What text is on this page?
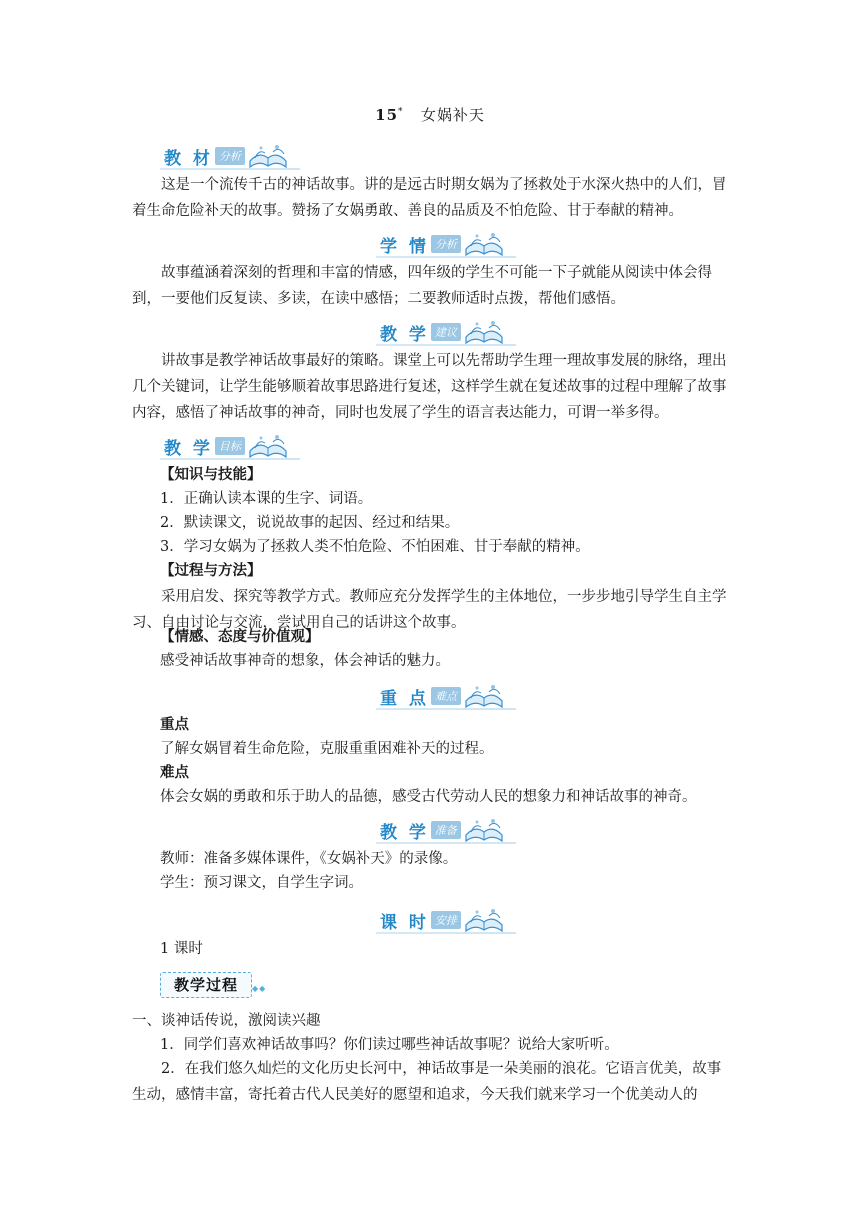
15* 女娲补天
教 材 分析

这是一个流传千古的神话故事。讲的是远古时期女娲为了拯救处于水深火热中的人们，冒着生命危险补天的故事。赞扬了女娲勇敢、善良的品质及不怕危险、甘于奉献的精神。

学 情 分析

故事蕴涵着深刻的哲理和丰富的情感，四年级的学生不可能一下子就能从阅读中体会得到，一要他们反复读、多读，在读中感悟；二要教师适时点拨，帮他们感悟。

教 学 建议

讲故事是教学神话故事最好的策略。课堂上可以先帮助学生理一理故事发展的脉络，理出几个关键词，让学生能够顺着故事思路进行复述，这样学生就在复述故事的过程中理解了故事内容，感悟了神话故事的神奇，同时也发展了学生的语言表达能力，可谓一举多得。

教 学 目标

【知识与技能】

1．正确认读本课的生字、词语。

2．默读课文，说说故事的起因、经过和结果。

3．学习女娲为了拯救人类不怕危险、不怕困难、甘于奉献的精神。

【过程与方法】

采用启发、探究等教学方式。教师应充分发挥学生的主体地位，一步步地引导学生自主学习、自由讨论与交流，尝试用自己的话讲这个故事。

【情感、态度与价值观】

感受神话故事神奇的想象，体会神话的魅力。

重 点 难点

重点

了解女娲冒着生命危险，克服重重困难补天的过程。

难点

体会女娲的勇敢和乐于助人的品德，感受古代劳动人民的想象力和神话故事的神奇。

教 学 准备

教师：准备多媒体课件，《女娲补天》的录像。

学生：预习课文，自学生字词。

课 时 安排

1 课时

教学过程	◆◆

一、谈神话传说，激阅读兴趣

1．同学们喜欢神话故事吗？你们读过哪些神话故事呢？说给大家听听。

2．在我们悠久灿烂的文化历史长河中，神话故事是一朵美丽的浪花。它语言优美，故事生动，感情丰富，寄托着古代人民美好的愿望和追求，今天我们就来学习一个优美动人的
